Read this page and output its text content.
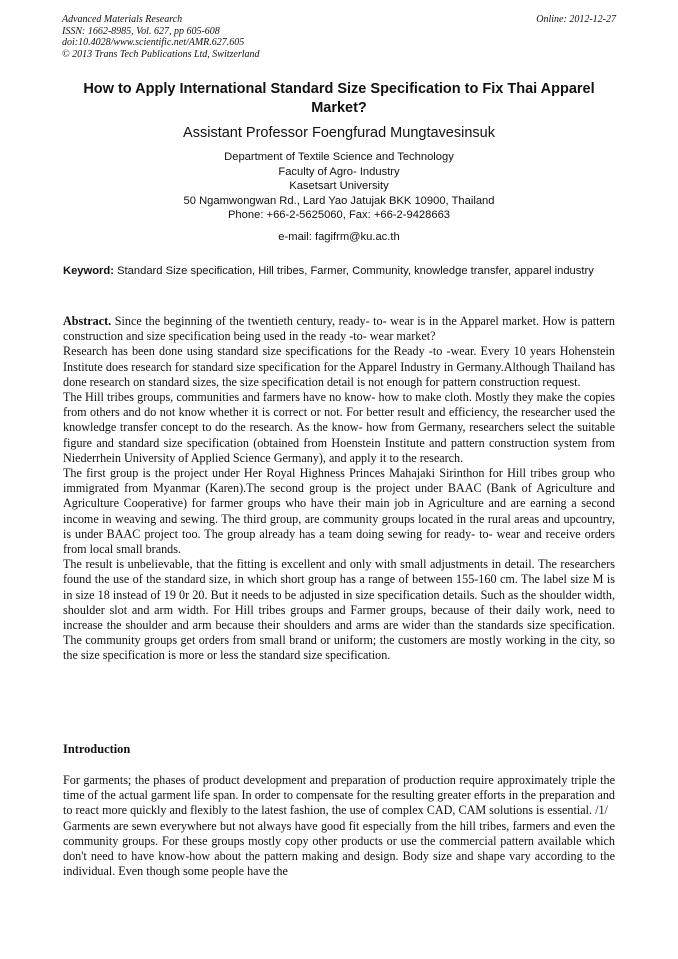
Advanced Materials Research
ISSN: 1662-8985, Vol. 627, pp 605-608
doi:10.4028/www.scientific.net/AMR.627.605
© 2013 Trans Tech Publications Ltd, Switzerland
Online: 2012-12-27
How to Apply International Standard Size Specification to Fix Thai Apparel Market?
Assistant Professor Foengfurad Mungtavesinsuk
Department of Textile Science and Technology
Faculty of Agro- Industry
Kasetsart University
50 Ngamwongwan Rd., Lard Yao Jatujak BKK 10900, Thailand
Phone: +66-2-5625060, Fax: +66-2-9428663
e-mail: fagifrm@ku.ac.th
Keyword: Standard Size specification, Hill tribes, Farmer, Community, knowledge transfer, apparel industry

Abstract. Since the beginning of the twentieth century, ready- to- wear is in the Apparel market. How is pattern construction and size specification being used in the ready -to- wear market?

Research has been done using standard size specifications for the Ready -to -wear. Every 10 years Hohenstein Institute does research for standard size specification for the Apparel Industry in Germany.Although Thailand has done research on standard sizes, the size specification detail is not enough for pattern construction request.

The Hill tribes groups, communities and farmers have no know- how to make cloth. Mostly they make the copies from others and do not know whether it is correct or not. For better result and efficiency, the researcher used the knowledge transfer concept to do the research. As the know- how from Germany, researchers select the suitable figure and standard size specification (obtained from Hoenstein Institute and pattern construction system from Niederrhein University of Applied Science Germany), and apply it to the research.

The first group is the project under Her Royal Highness Princes Mahajaki Sirinthon for Hill tribes group who immigrated from Myanmar (Karen).The second group is the project under BAAC (Bank of Agriculture and Agriculture Cooperative) for farmer groups who have their main job in Agriculture and are earning a second income in weaving and sewing. The third group, are community groups located in the rural areas and upcountry, is under BAAC project too. The group already has a team doing sewing for ready- to- wear and receive orders from local small brands.

The result is unbelievable, that the fitting is excellent and only with small adjustments in detail. The researchers found the use of the standard size, in which short group has a range of between 155-160 cm. The label size M is in size 18 instead of 19 0r 20. But it needs to be adjusted in size specification details. Such as the shoulder width, shoulder slot and arm width. For Hill tribes groups and Farmer groups, because of their daily work, need to increase the shoulder and arm because their shoulders and arms are wider than the standards size specification. The community groups get orders from small brand or uniform; the customers are mostly working in the city, so the size specification is more or less the standard size specification.

Introduction

For garments; the phases of product development and preparation of production require approximately triple the time of the actual garment life span. In order to compensate for the resulting greater efforts in the preparation and to react more quickly and flexibly to the latest fashion, the use of complex CAD, CAM solutions is essential. /1/

Garments are sewn everywhere but not always have good fit especially from the hill tribes, farmers and even the community groups. For these groups mostly copy other products or use the commercial pattern available which don't need to have know-how about the pattern making and design. Body size and shape vary according to the individual. Even though some people have the
